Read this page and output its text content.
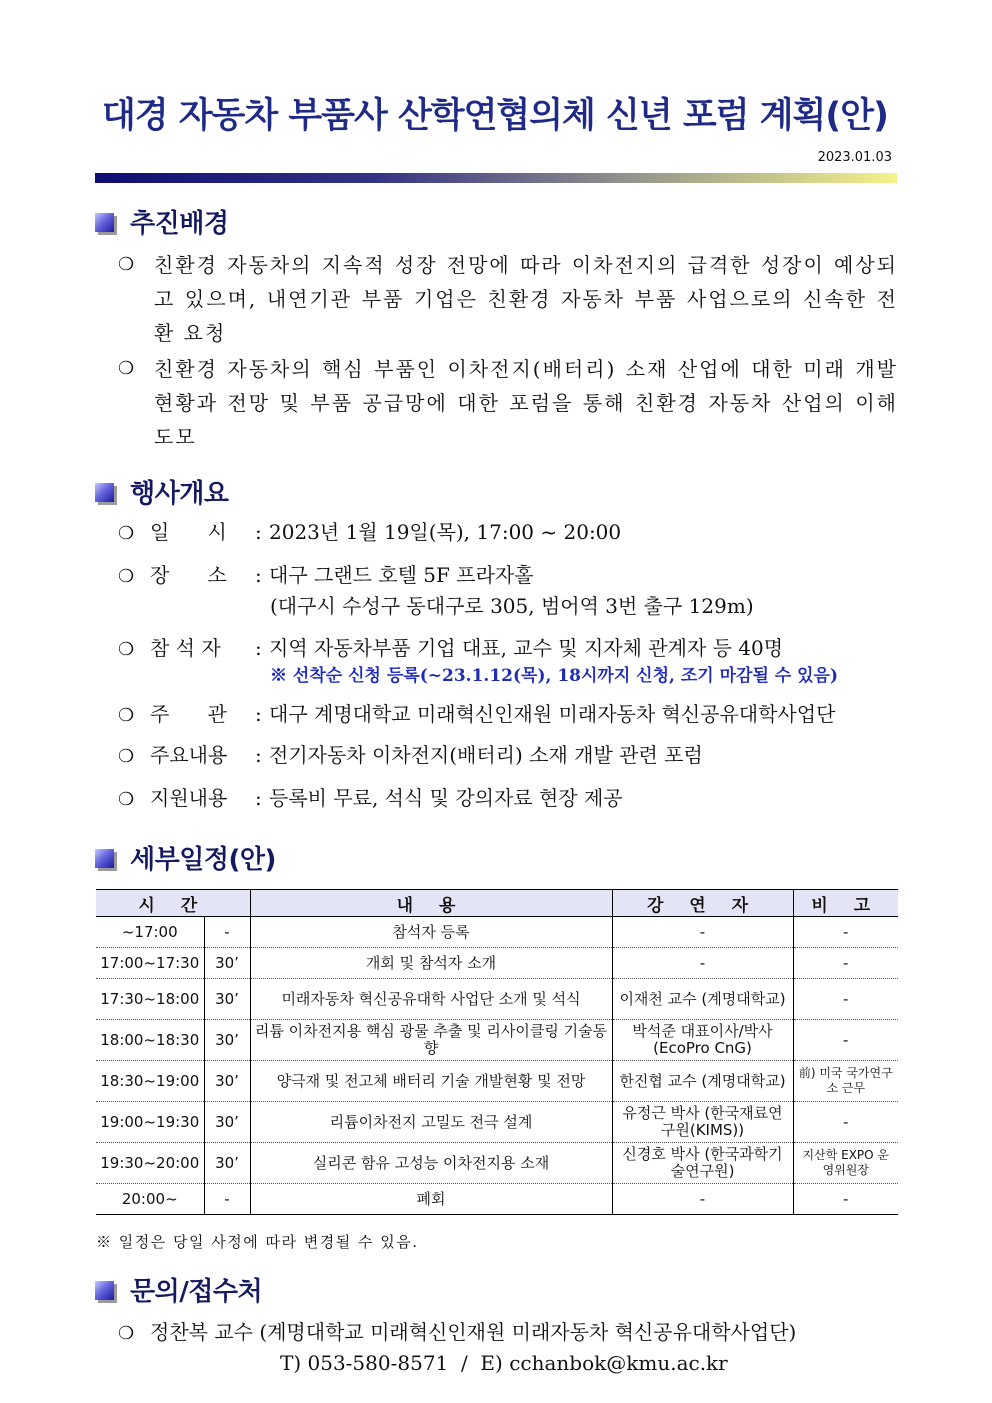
대경 자동차 부품사 산학연협의체 신년 포럼 계획(안)
2023.01.03
추진배경
❍ 친환경 자동차의 지속적 성장 전망에 따라 이차전지의 급격한 성장이 예상되고 있으며, 내연기관 부품 기업은 친환경 자동차 부품 사업으로의 신속한 전환 요청
❍ 친환경 자동차의 핵심 부품인 이차전지(배터리) 소재 산업에 대한 미래 개발 현황과 전망 및 부품 공급망에 대한 포럼을 통해 친환경 자동차 산업의 이해 도모
행사개요
❍ 일      시 : 2023년 1월 19일(목), 17:00 ~ 20:00
❍ 장      소 : 대구 그랜드 호텔 5F 프라자홀
(대구시 수성구 동대구로 305, 범어역 3번 출구 129m)
❍ 참 석 자 : 지역 자동차부품 기업 대표, 교수 및 지자체 관계자 등 40명
※ 선착순 신청 등록(~23.1.12(목), 18시까지 신청, 조기 마감될 수 있음)
❍ 주      관 : 대구 계명대학교 미래혁신인재원 미래자동차 혁신공유대학사업단
❍ 주요내용 : 전기자동차 이차전지(배터리) 소재 개발 관련 포럼
❍ 지원내용 : 등록비 무료, 석식 및 강의자료 현장 제공
세부일정(안)
시 간		내 용	강 연 자	비 고
~17:00	-	참석자 등록	-	-
17:00~17:30	30’	개회 및 참석자 소개	-	-
17:30~18:00	30’	미래자동차 혁신공유대학 사업단 소개 및 석식	이재천 교수 (계명대학교)	-
18:00~18:30	30’	리튬 이차전지용 핵심 광물 추출 및 리사이클링 기술동향	박석준 대표이사/박사 (EcoPro CnG)	-
18:30~19:00	30’	양극재 및 전고체 배터리 기술 개발현황 및 전망	한진협 교수 (계명대학교)	前) 미국 국가연구소 근무
19:00~19:30	30’	리튬이차전지 고밀도 전극 설계	유정근 박사 (한국재료연구원(KIMS))	-
19:30~20:00	30’	실리콘 함유 고성능 이차전지용 소재	신경호 박사 (한국과학기술연구원)	지산학 EXPO 운영위원장
20:00~	-	폐회	-	-
※ 일정은 당일 사정에 따라 변경될 수 있음.
문의/접수처
❍ 정찬복 교수 (계명대학교 미래혁신인재원 미래자동차 혁신공유대학사업단)
T) 053-580-8571  /  E) cchanbok@kmu.ac.kr
